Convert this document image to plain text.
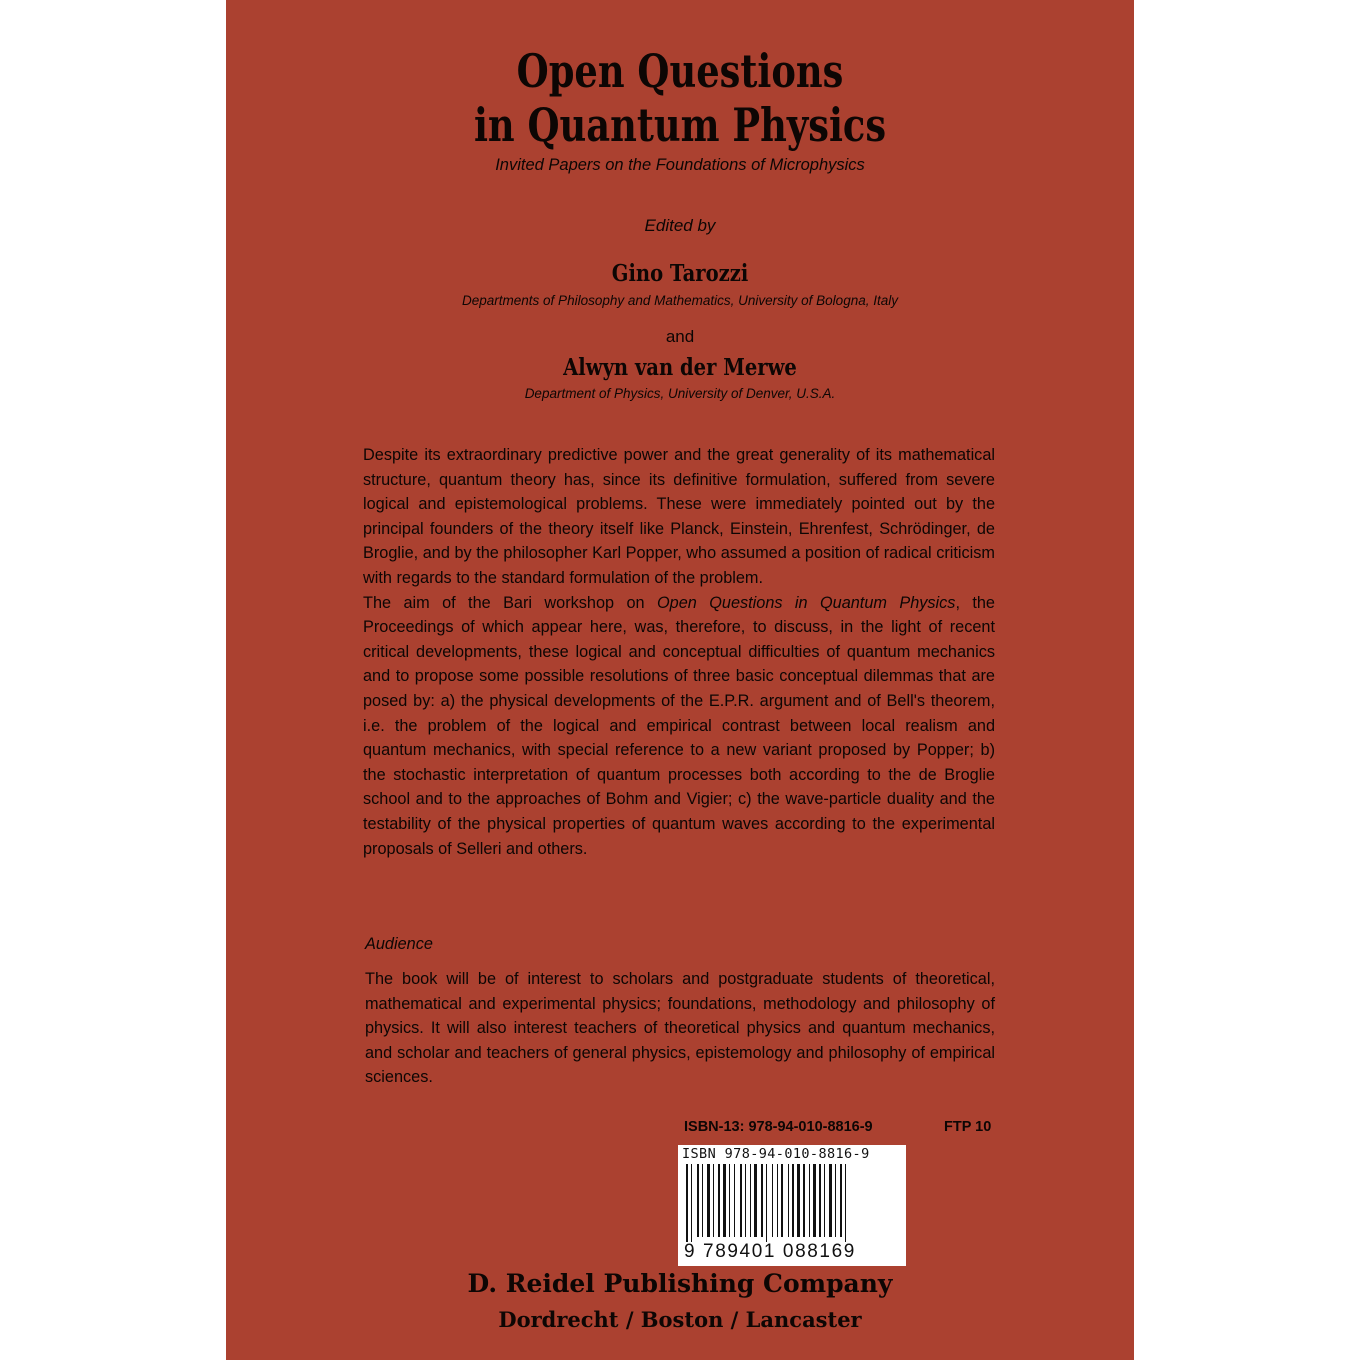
Open Questions
in Quantum Physics
Invited Papers on the Foundations of Microphysics
Edited by
Gino Tarozzi
Departments of Philosophy and Mathematics, University of Bologna, Italy
and
Alwyn van der Merwe
Department of Physics, University of Denver, U.S.A.

Despite its extraordinary predictive power and the great generality of its mathematical structure, quantum theory has, since its definitive formulation, suffered from severe logical and epistemological problems. These were immediately pointed out by the principal founders of the theory itself like Planck, Einstein, Ehrenfest, Schrödinger, de Broglie, and by the philosopher Karl Popper, who assumed a position of radical criticism with regards to the standard formulation of the problem.

The aim of the Bari workshop on Open Questions in Quantum Physics, the Proceedings of which appear here, was, therefore, to discuss, in the light of recent critical developments, these logical and conceptual difficulties of quantum mechanics and to propose some possible resolutions of three basic conceptual dilemmas that are posed by: a) the physical developments of the E.P.R. argument and of Bell's theorem, i.e. the problem of the logical and empirical contrast between local realism and quantum mechanics, with special reference to a new variant proposed by Popper; b) the stochastic interpretation of quantum processes both according to the de Broglie school and to the approaches of Bohm and Vigier; c) the wave-particle duality and the testability of the physical properties of quantum waves according to the experimental proposals of Selleri and others.

Audience
The book will be of interest to scholars and postgraduate students of theoretical, mathematical and experimental physics; foundations, methodology and philosophy of physics. It will also interest teachers of theoretical physics and quantum mechanics, and scholar and teachers of general physics, epistemology and philosophy of empirical sciences.
ISBN-13: 978-94-010-8816-9	FTP 10
ISBN 978-94-010-8816-9
9 789401 088169
D. Reidel Publishing Company
Dordrecht / Boston / Lancaster
